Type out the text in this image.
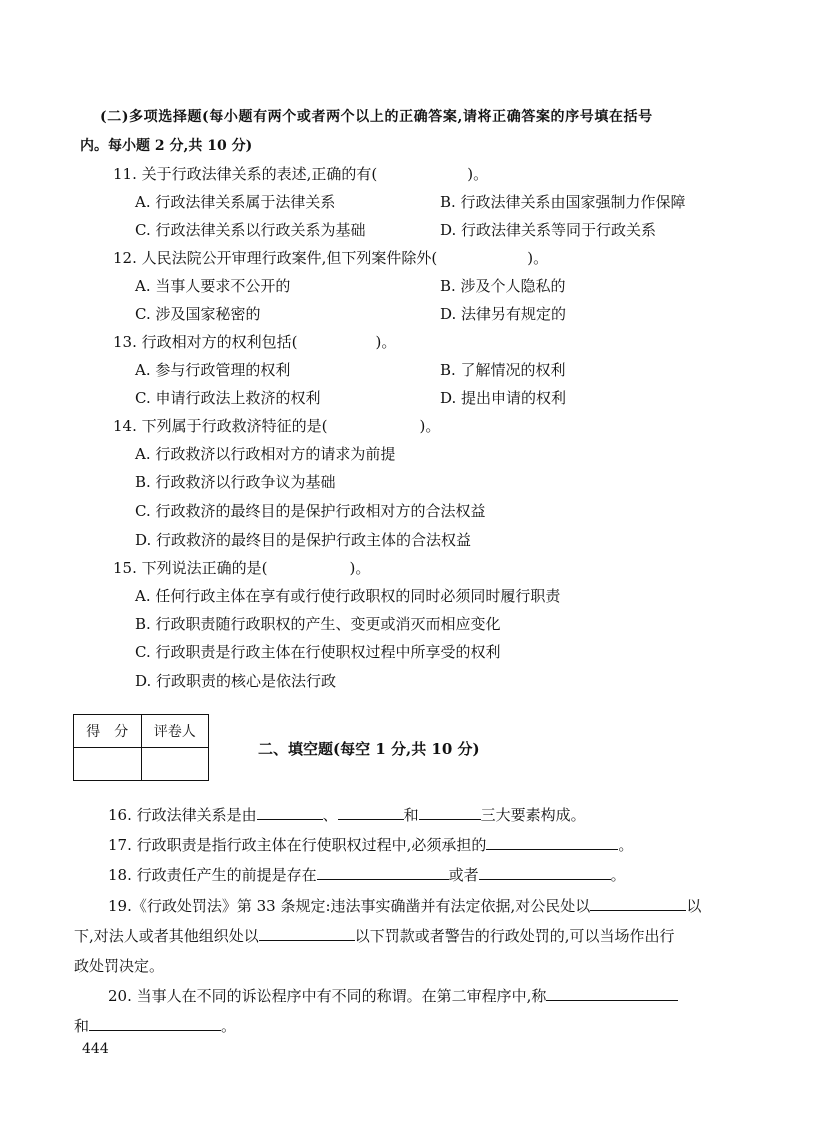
(二)多项选择题(每小题有两个或者两个以上的正确答案,请将正确答案的序号填在括号
内。每小题 2 分,共 10 分)
11. 关于行政法律关系的表述,正确的有(	)。
A. 行政法律关系属于法律关系	B. 行政法律关系由国家强制力作保障
C. 行政法律关系以行政关系为基础	D. 行政法律关系等同于行政关系
12. 人民法院公开审理行政案件,但下列案件除外(	)。
A. 当事人要求不公开的	B. 涉及个人隐私的
C. 涉及国家秘密的	D. 法律另有规定的
13. 行政相对方的权利包括(	)。
A. 参与行政管理的权利	B. 了解情况的权利
C. 申请行政法上救济的权利	D. 提出申请的权利
14. 下列属于行政救济特征的是(	)。
A. 行政救济以行政相对方的请求为前提
B. 行政救济以行政争议为基础
C. 行政救济的最终目的是保护行政相对方的合法权益
D. 行政救济的最终目的是保护行政主体的合法权益
15. 下列说法正确的是(	)。
A. 任何行政主体在享有或行使行政职权的同时必须同时履行职责
B. 行政职责随行政职权的产生、变更或消灭而相应变化
C. 行政职责是行政主体在行使职权过程中所享受的权利
D. 行政职责的核心是依法行政
得　分	评卷人

二、填空题(每空 1 分,共 10 分)
16. 行政法律关系是由	、	和	三大要素构成。
17. 行政职责是指行政主体在行使职权过程中,必须承担的	。
18. 行政责任产生的前提是存在	或者	。
19.《行政处罚法》第 33 条规定:违法事实确凿并有法定依据,对公民处以	以
下,对法人或者其他组织处以	以下罚款或者警告的行政处罚的,可以当场作出行
政处罚决定。
20. 当事人在不同的诉讼程序中有不同的称谓。在第二审程序中,称
和	。
444
